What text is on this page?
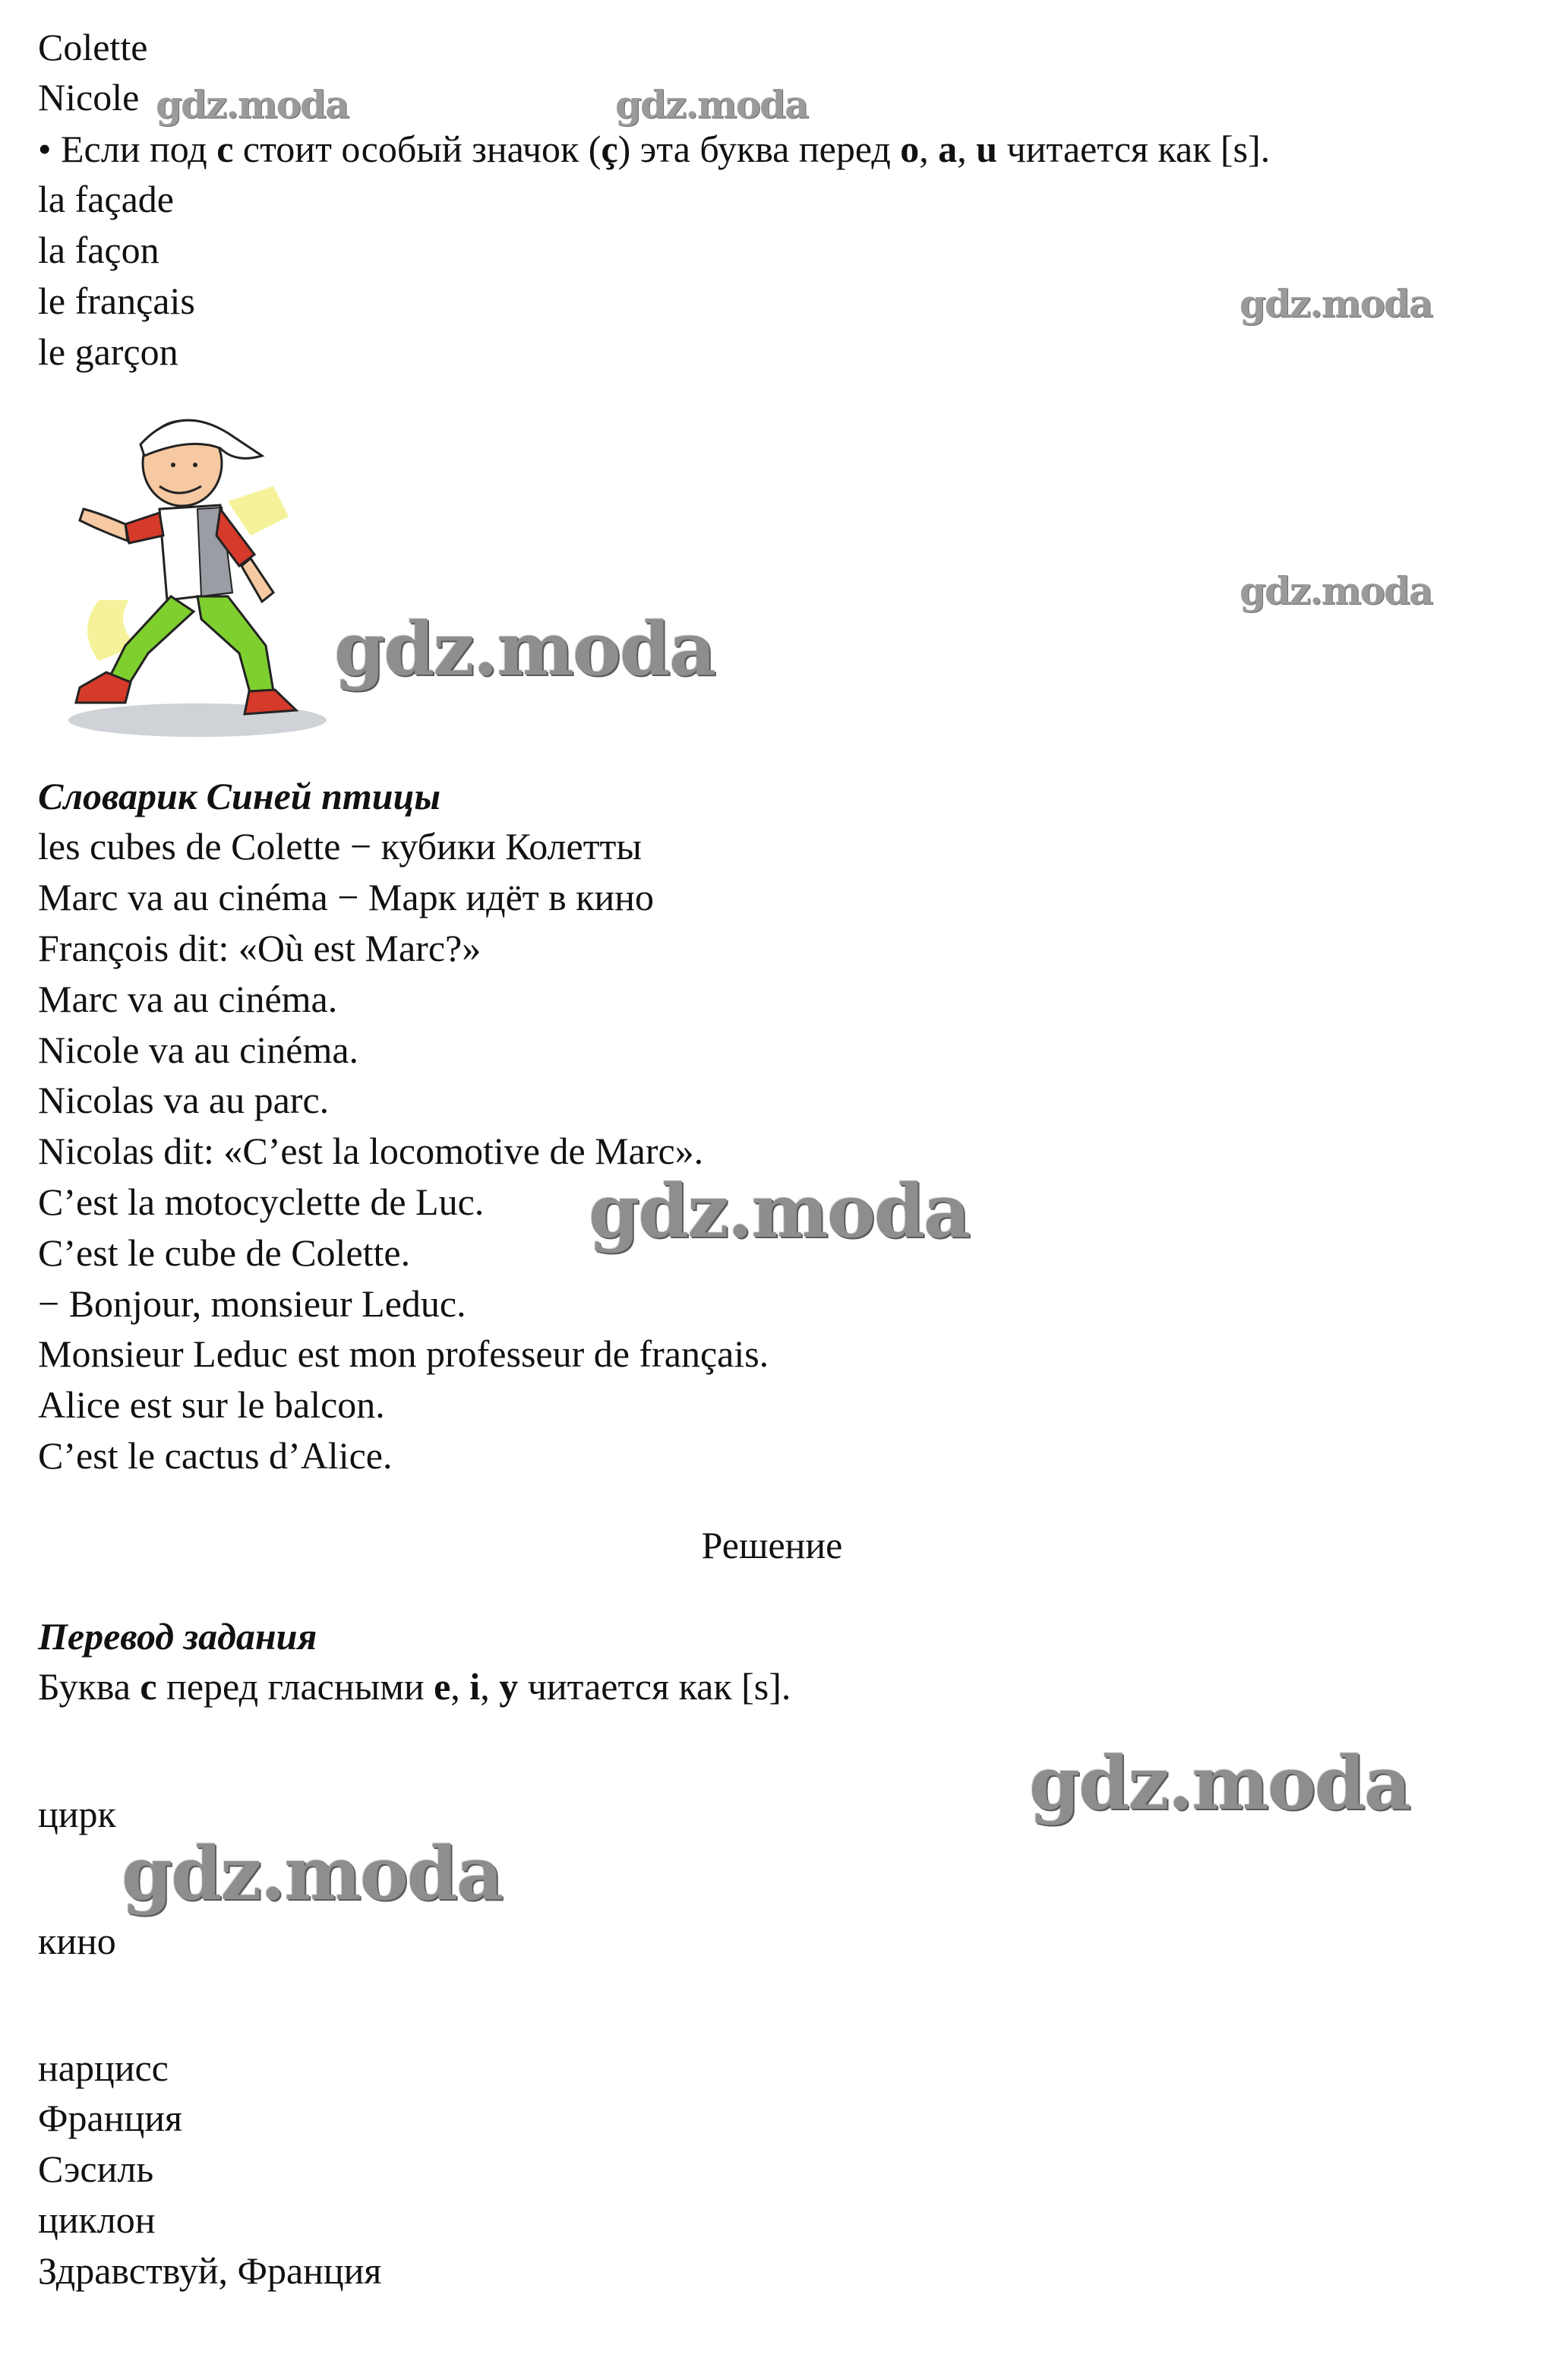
Colette

Nicole

• Если под c стоит особый значок (ç) эта буква перед o, a, u читается как [s].

la façade

la façon

le français

le garçon

Словарик Синей птицы

les cubes de Colette − кубики Колетты

Marc va au cinéma − Марк идёт в кино

François dit: «Où est Marc?»

Marc va au cinéma.

Nicole va au cinéma.

Nicolas va au parc.

Nicolas dit: «C’est la locomotive de Marc».

C’est la motocyclette de Luc.

C’est le cube de Colette.

− Bonjour, monsieur Leduc.

Monsieur Leduc est mon professeur de français.

Alice est sur le balcon.

C’est le cactus d’Alice.

Решение

Перевод задания

Буква c перед гласными e, i, y читается как [s].

цирк

кино

нарцисс

Франция

Сэсиль

циклон

Здравствуй, Франция

gdz.moda	gdz.moda
gdz.moda
gdz.moda
gdz.moda
gdz.moda
gdz.moda
gdz.moda
